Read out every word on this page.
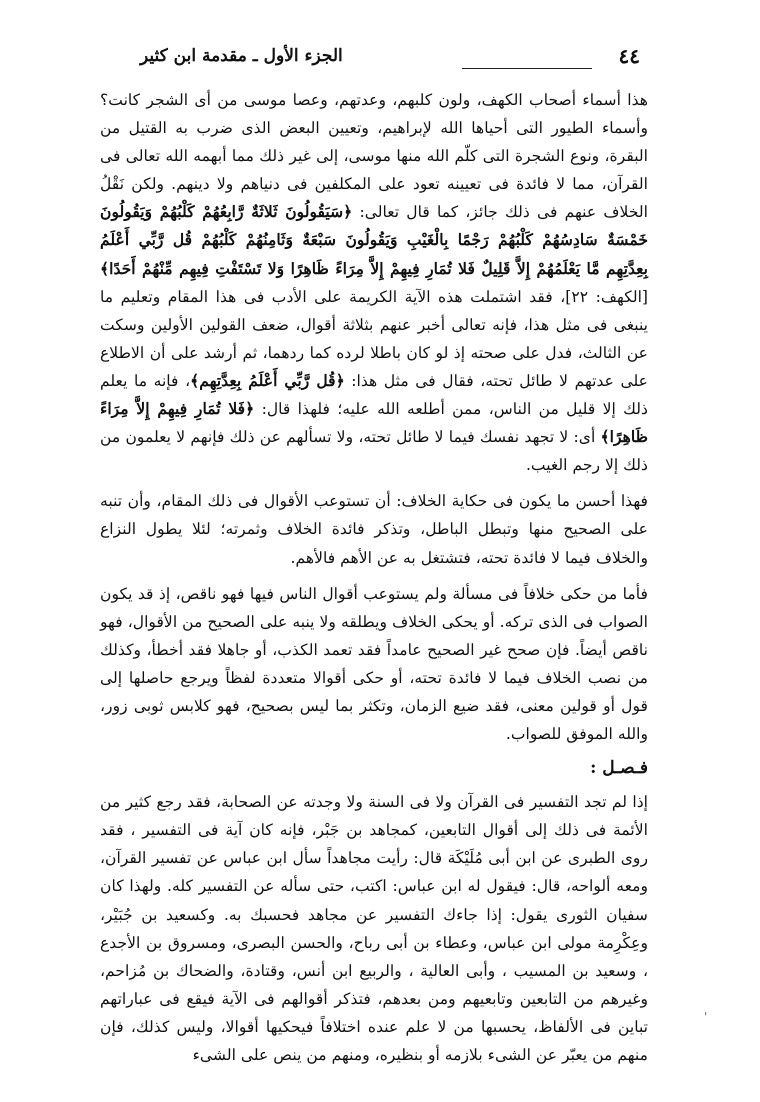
٤٤
الجزء الأول ـ مقدمة ابن كثير

هذا أسماء أصحاب الكهف، ولون كلبهم، وعدتهم، وعصا موسى من أى الشجر كانت؟ وأسماء الطيور التى أحياها الله لإبراهيم، وتعيين البعض الذى ضرب به القتيل من البقرة، ونوع الشجرة التى كلّم الله منها موسى، إلى غير ذلك مما أبهمه الله تعالى فى القرآن، مما لا فائدة فى تعيينه تعود على المكلفين فى دنياهم ولا دينهم. ولكن نَقْلُ الخلاف عنهم فى ذلك جائز، كما قال تعالى: ﴿سَيَقُولُونَ ثَلاثَةٌ رَّابِعُهُمْ كَلْبُهُمْ وَيَقُولُونَ خَمْسَةٌ سَادِسُهُمْ كَلْبُهُمْ رَجْمًا بِالْغَيْبِ وَيَقُولُونَ سَبْعَةٌ وَثَامِنُهُمْ كَلْبُهُمْ قُل رَّبِّي أَعْلَمُ بِعِدَّتِهِم مَّا يَعْلَمُهُمْ إِلاَّ قَلِيلٌ فَلا تُمَارِ فِيهِمْ إِلاَّ مِرَاءً ظَاهِرًا وَلا تَسْتَفْتِ فِيهِم مِّنْهُمْ أَحَدًا﴾ [الكهف: ٢٢]، فقد اشتملت هذه الآية الكريمة على الأدب فى هذا المقام وتعليم ما ينبغى فى مثل هذا، فإنه تعالى أخبر عنهم بثلاثة أقوال، ضعف القولين الأولين وسكت عن الثالث، فدل على صحته إذ لو كان باطلا لرده كما ردهما، ثم أرشد على أن الاطلاع على عدتهم لا طائل تحته، فقال فى مثل هذا: ﴿قُل رَّبِّي أَعْلَمُ بِعِدَّتِهِم﴾، فإنه ما يعلم ذلك إلا قليل من الناس، ممن أطلعه الله عليه؛ فلهذا قال: ﴿فَلا تُمَارِ فِيهِمْ إِلاَّ مِرَاءً ظَاهِرًا﴾ أى: لا تجهد نفسك فيما لا طائل تحته، ولا تسألهم عن ذلك فإنهم لا يعلمون من ذلك إلا رجم الغيب.

فهذا أحسن ما يكون فى حكاية الخلاف: أن تستوعب الأقوال فى ذلك المقام، وأن تنبه على الصحيح منها وتبطل الباطل، وتذكر فائدة الخلاف وثمرته؛ لئلا يطول النزاع والخلاف فيما لا فائدة تحته، فتشتغل به عن الأهم فالأهم.

فأما من حكى خلافاً فى مسألة ولم يستوعب أقوال الناس فيها فهو ناقص، إذ قد يكون الصواب فى الذى تركه. أو يحكى الخلاف ويطلقه ولا ينبه على الصحيح من الأقوال، فهو ناقص أيضاً. فإن صحح غير الصحيح عامداً فقد تعمد الكذب، أو جاهلا فقد أخطأ، وكذلك من نصب الخلاف فيما لا فائدة تحته، أو حكى أقوالا متعددة لفظاً ويرجع حاصلها إلى قول أو قولين معنى، فقد ضيع الزمان، وتكثر بما ليس بصحيح، فهو كلابس ثوبى زور، والله الموفق للصواب.

فـصـل :

إذا لم تجد التفسير فى القرآن ولا فى السنة ولا وجدته عن الصحابة، فقد رجع كثير من الأئمة فى ذلك إلى أقوال التابعين، كمجاهد بن جَبْر، فإنه كان آية فى التفسير ، فقد روى الطبرى عن ابن أبى مُلَيْكَة قال: رأيت مجاهداً سأل ابن عباس عن تفسير القرآن، ومعه ألواحه، قال: فيقول له ابن عباس: اكتب، حتى سأله عن التفسير كله. ولهذا كان سفيان الثورى يقول: إذا جاءك التفسير عن مجاهد فحسبك به. وكسعيد بن جُبَيْر، وعِكْرِمة مولى ابن عباس، وعطاء بن أبى رباح، والحسن البصرى، ومسروق بن الأجدع ، وسعيد بن المسيب ، وأبى العالية ، والربيع ابن أنس، وقتادة، والضحاك بن مُزاحم، وغيرهم من التابعين وتابعيهم ومن بعدهم، فتذكر أقوالهم فى الآية فيقع فى عباراتهم تباين فى الألفاظ، يحسبها من لا علم عنده اختلافاً فيحكيها أقوالا، وليس كذلك، فإن منهم من يعبّر عن الشىء بلازمه أو بنظيره، ومنهم من ينص على الشىء

'
